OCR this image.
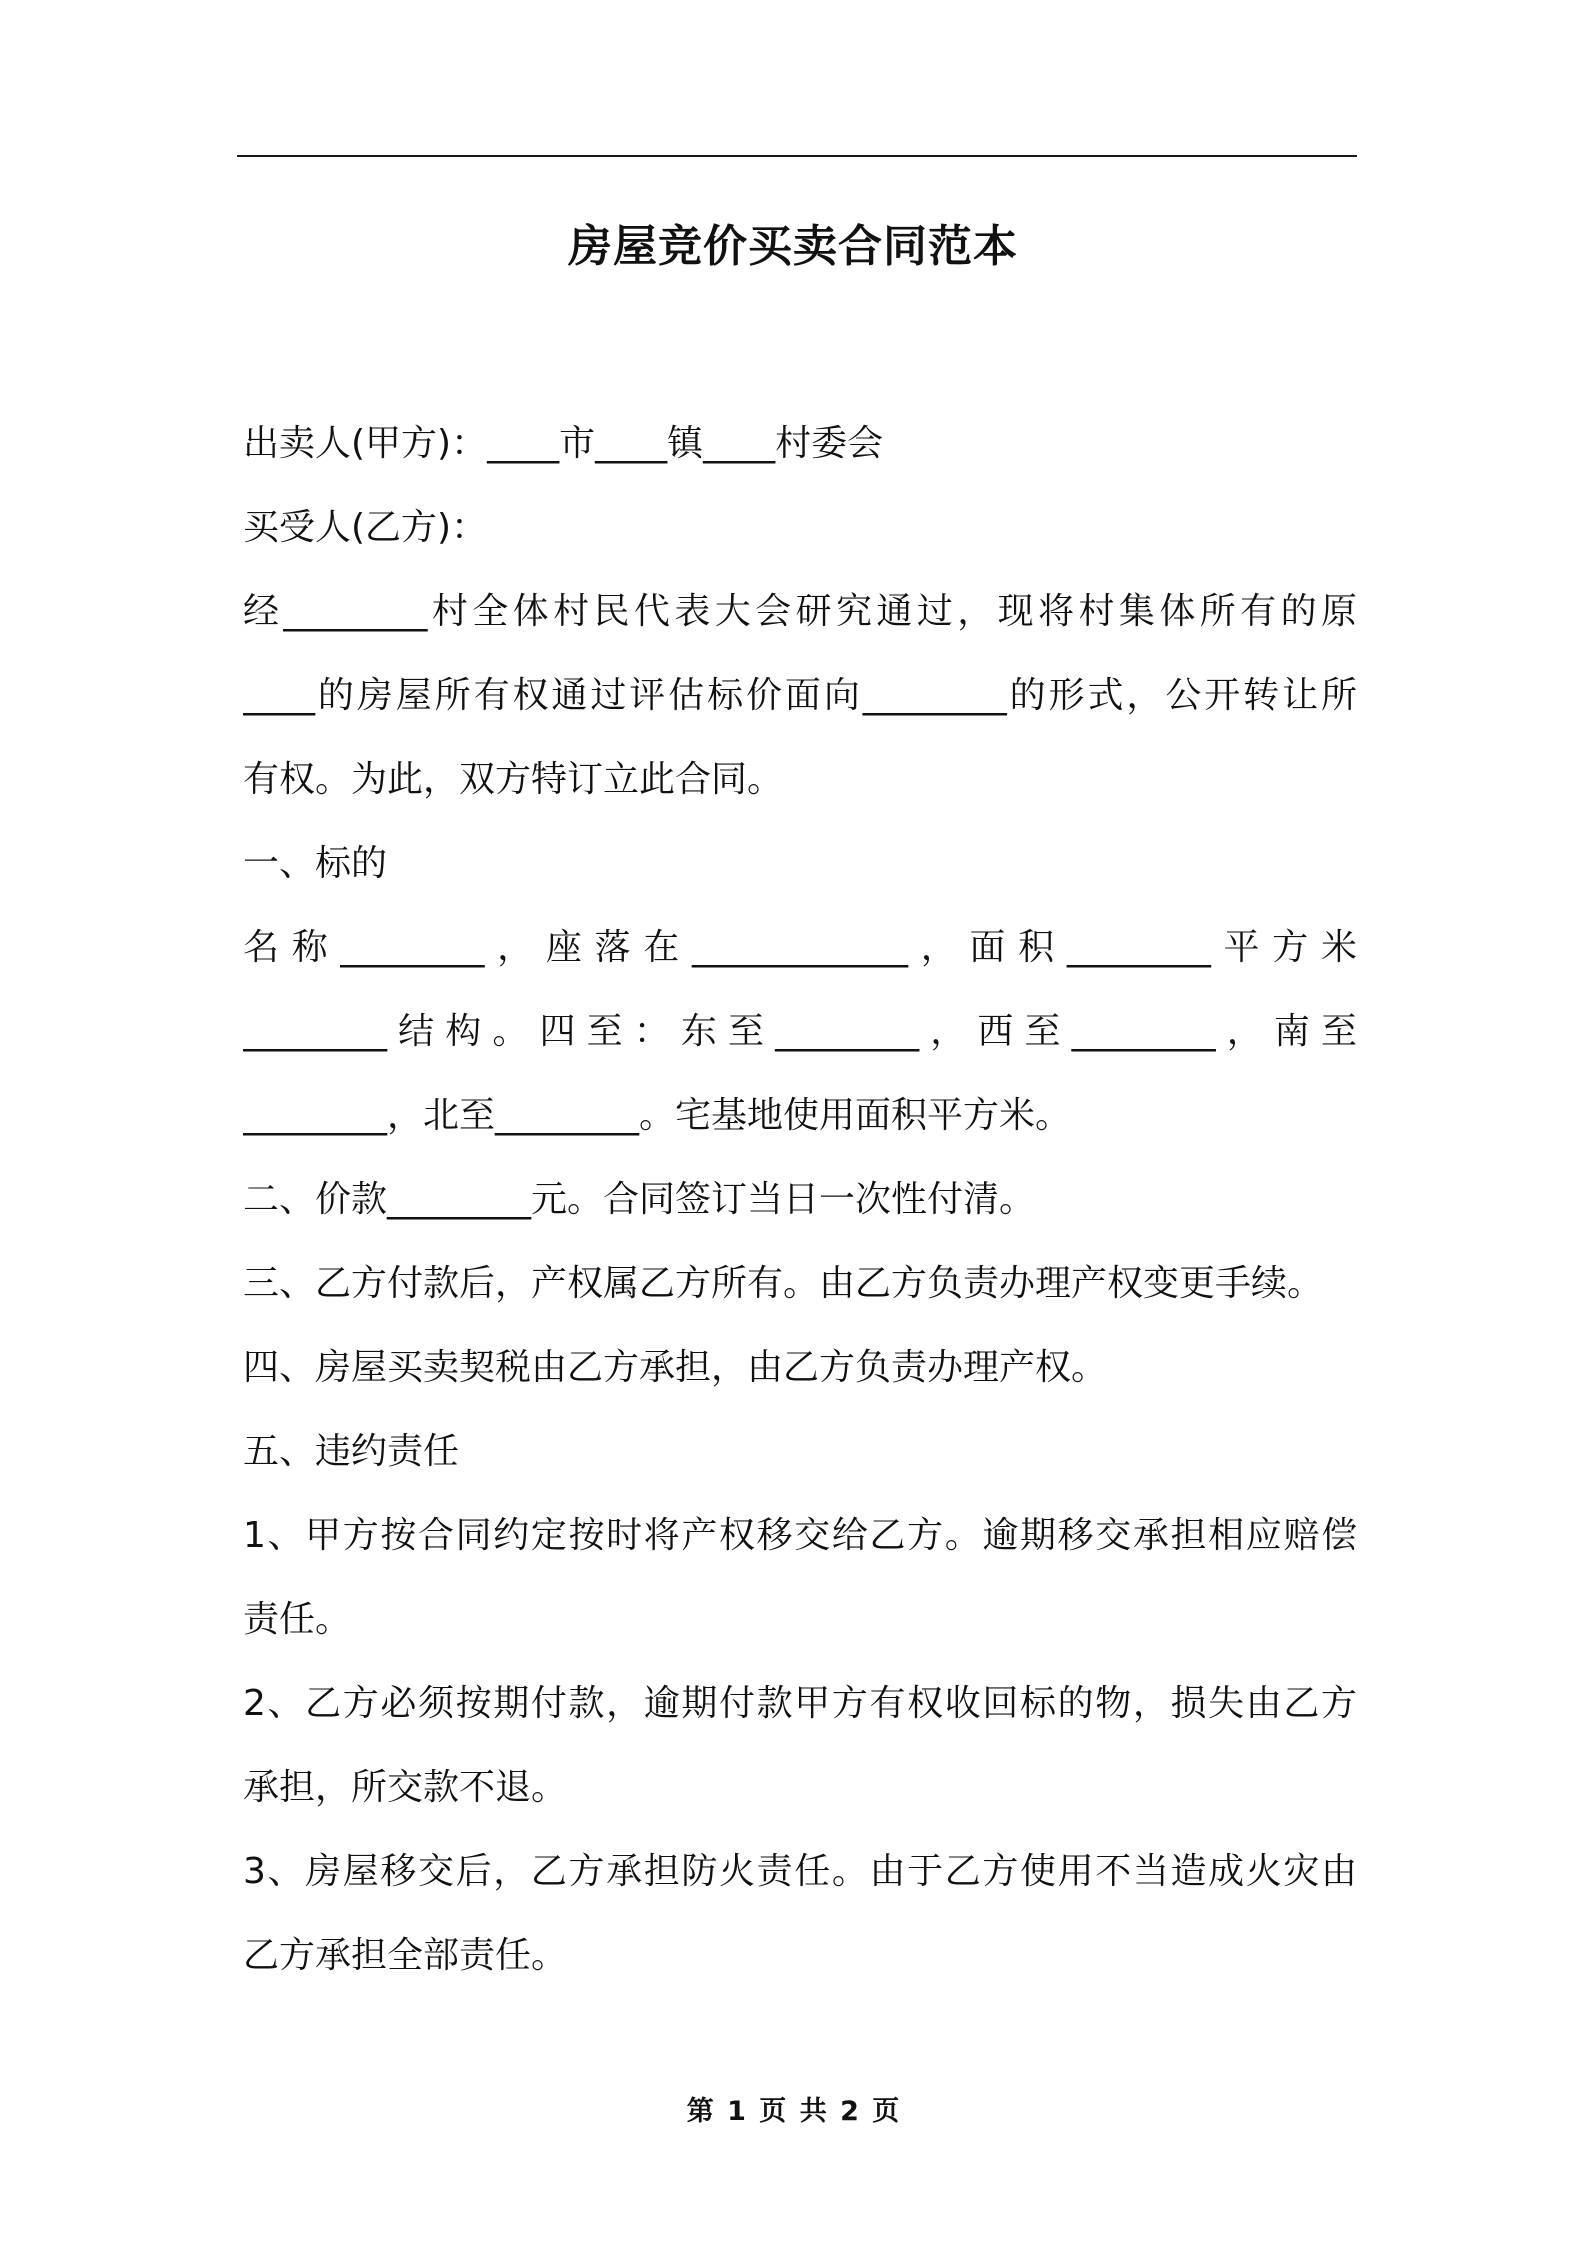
房屋竞价买卖合同范本
出卖人(甲方)：____市____镇____村委会
买受人(乙方)：
经________村全体村民代表大会研究通过，现将村集体所有的原
____的房屋所有权通过评估标价面向________的形式，公开转让所
有权。为此，双方特订立此合同。
一、标的
名称________，座落在____________，面积________平方米
________结构。四至：东至________，西至________，南至
________，北至________。宅基地使用面积平方米。
二、价款________元。合同签订当日一次性付清。
三、乙方付款后，产权属乙方所有。由乙方负责办理产权变更手续。
四、房屋买卖契税由乙方承担，由乙方负责办理产权。
五、违约责任
1、甲方按合同约定按时将产权移交给乙方。逾期移交承担相应赔偿
责任。
2、乙方必须按期付款，逾期付款甲方有权收回标的物，损失由乙方
承担，所交款不退。
3、房屋移交后，乙方承担防火责任。由于乙方使用不当造成火灾由
乙方承担全部责任。
第 1 页 共 2 页
